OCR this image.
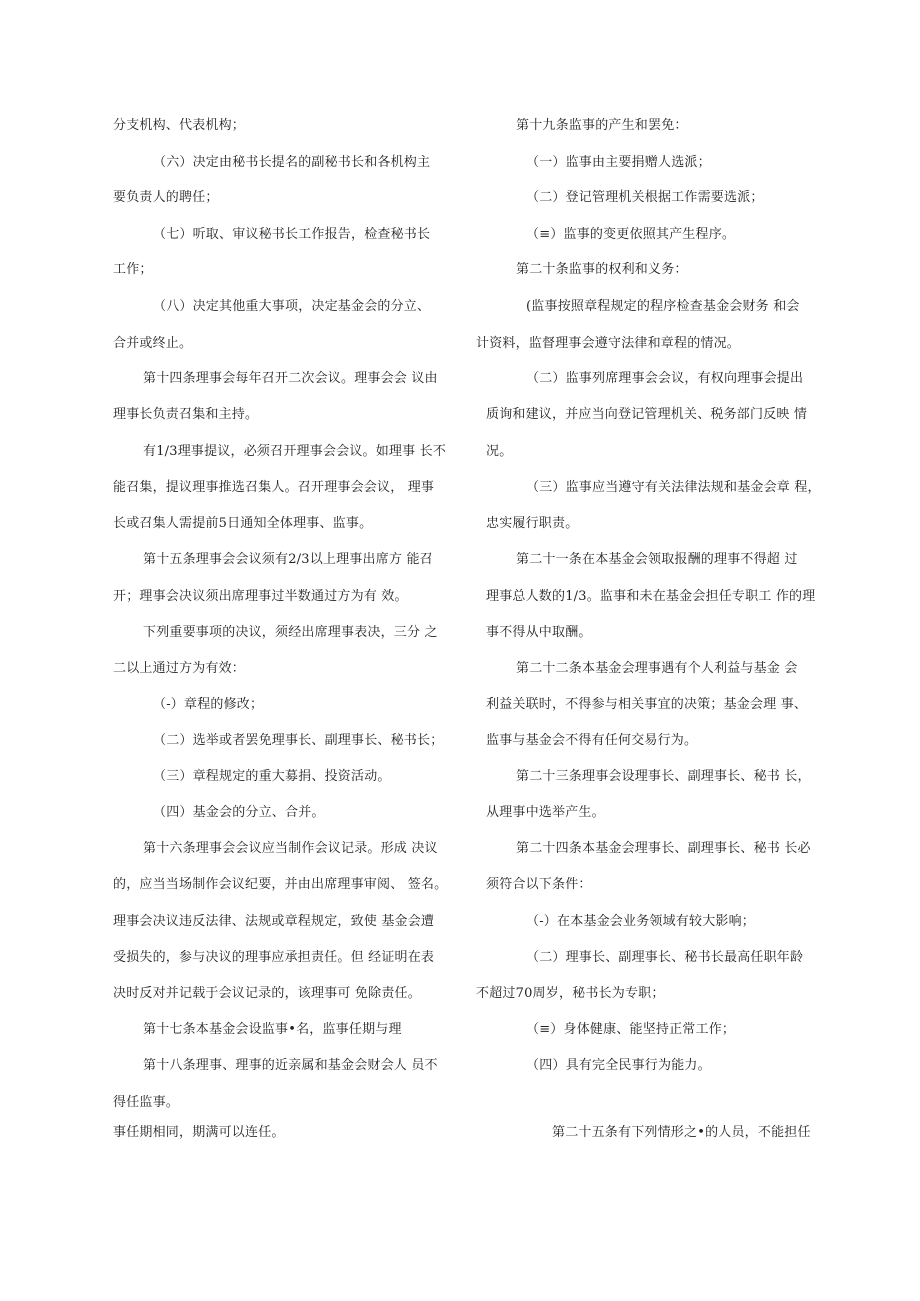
分支机构、代表机构；
（六）决定由秘书长提名的副秘书长和各机构主
要负责人的聘任；
（七）听取、审议秘书长工作报告，检查秘书长
工作；
（八）决定其他重大事项，决定基金会的分立、
合并或终止。
第十四条理事会每年召开二次会议。理事会会 议由
理事长负责召集和主持。
有1/3理事提议，必须召开理事会会议。如理事 长不
能召集，提议理事推选召集人。召开理事会会议， 理事
长或召集人需提前5日通知全体理事、监事。
第十五条理事会会议须有2/3以上理事出席方 能召
开；理事会决议须出席理事过半数通过方为有 效。
下列重要事项的决议，须经出席理事表决，三分 之
二以上通过方为有效：
（-）章程的修改；
（二）选举或者罢免理事长、副理事长、秘书长；
（三）章程规定的重大募捐、投资活动。
（四）基金会的分立、合并。
第十六条理事会会议应当制作会议记录。形成 决议
的，应当当场制作会议纪要，并由出席理事审阅、 签名。
理事会决议违反法律、法规或章程规定，致使 基金会遭
受损失的，参与决议的理事应承担责任。但 经证明在表
决时反对并记载于会议记录的，该理事可 免除责任。
第十七条本基金会设监事•名，监事任期与理
第十八条理事、理事的近亲属和基金会财会人 员不
得任监事。
事任期相同，期满可以连任。
第十九条监事的产生和罢免：
（一）监事由主要捐赠人选派；
（二）登记管理机关根据工作需要选派；
（≡）监事的变更依照其产生程序。
第二十条监事的权利和义务：
(监事按照章程规定的程序检查基金会财务 和会
计资料，监督理事会遵守法律和章程的情况。
（二）监事列席理事会会议，有权向理事会提出
质询和建议，并应当向登记管理机关、税务部门反映 情
况。
（三）监事应当遵守有关法律法规和基金会章 程，
忠实履行职责。
第二十一条在本基金会领取报酬的理事不得超 过
理事总人数的1/3。监事和未在基金会担任专职工 作的理
事不得从中取酬。
第二十二条本基金会理事遇有个人利益与基金 会
利益关联时，不得参与相关事宜的决策；基金会理 事、
监事与基金会不得有任何交易行为。
第二十三条理事会设理事长、副理事长、秘书 长，
从理事中选举产生。
第二十四条本基金会理事长、副理事长、秘书 长必
须符合以下条件：
（-）在本基金会业务领域有较大影响；
（二）理事长、副理事长、秘书长最高任职年龄
不超过70周岁，秘书长为专职；
（≡）身体健康、能坚持正常工作；
（四）具有完全民事行为能力。
第二十五条有下列情形之•的人员，不能担任
